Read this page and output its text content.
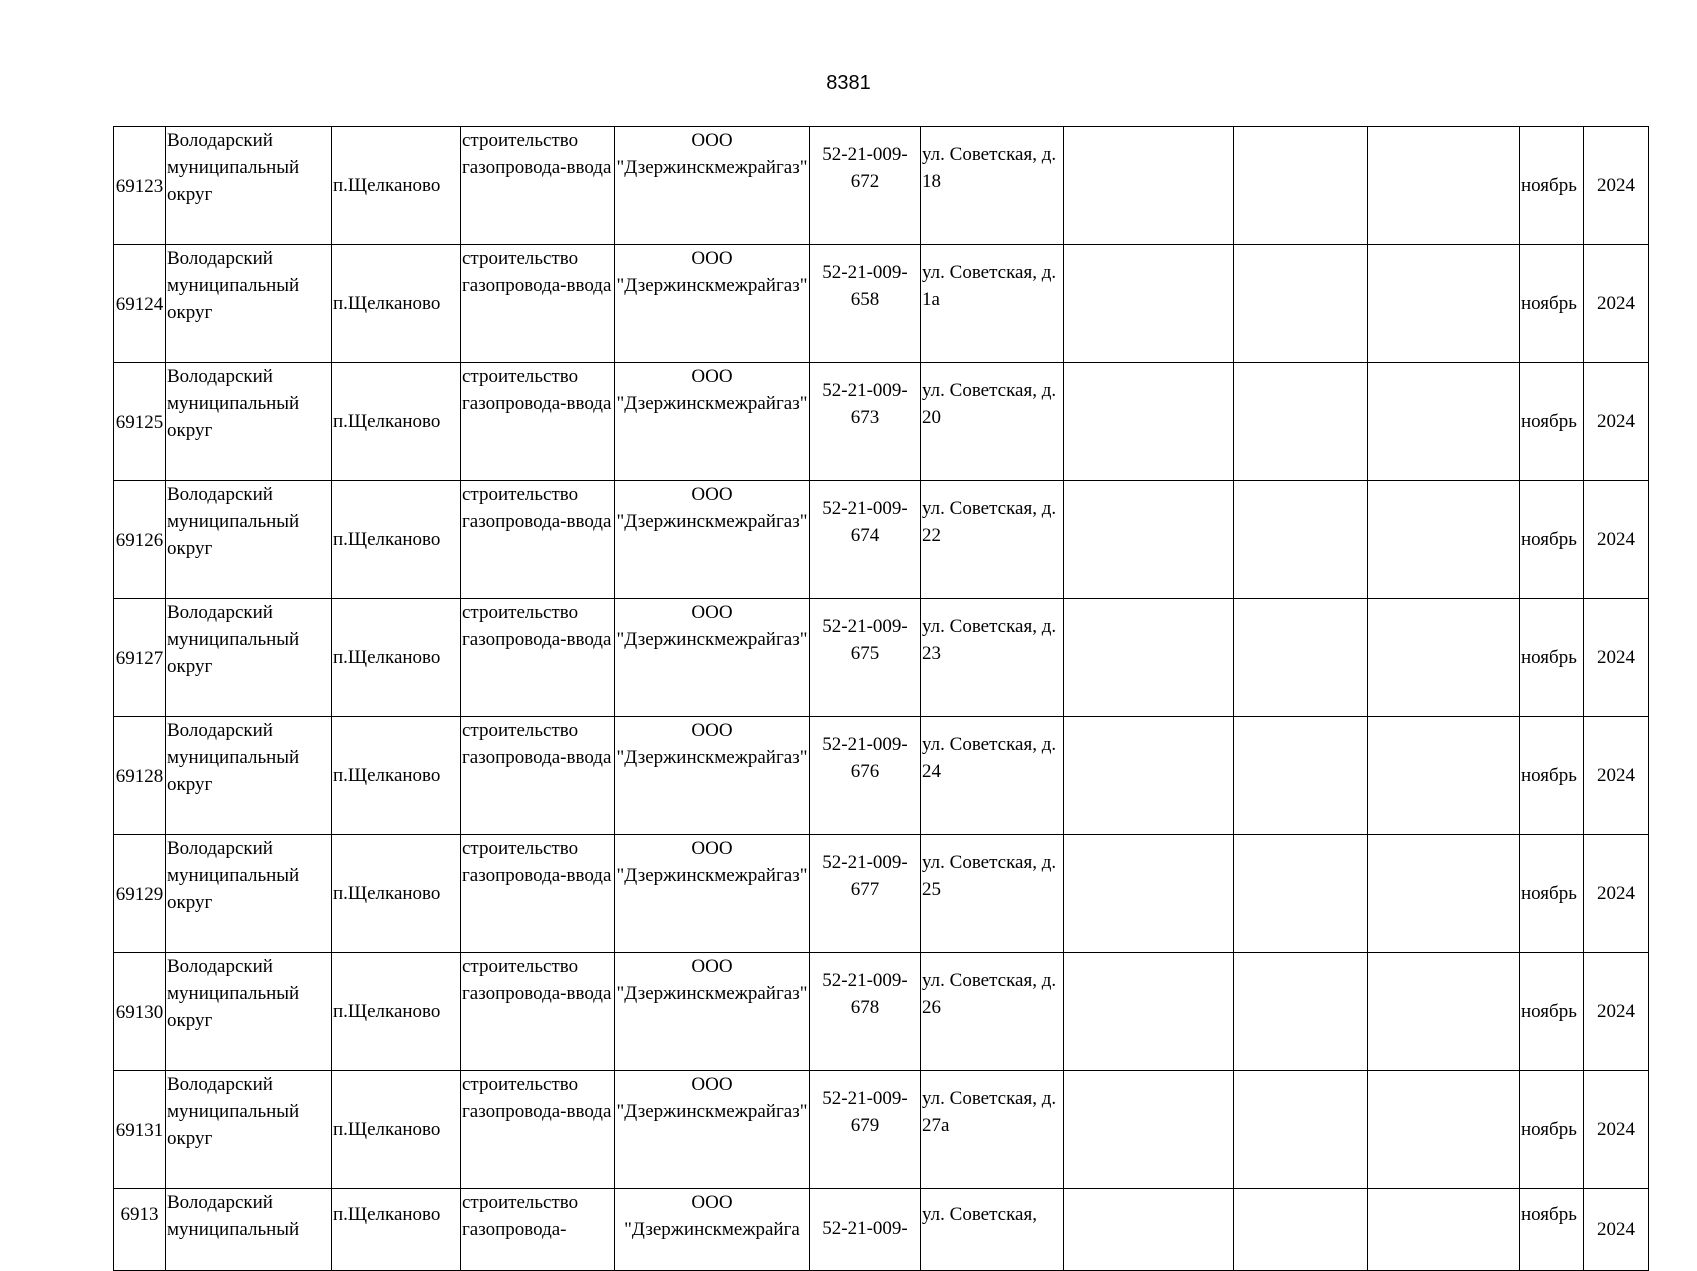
8381
69123	Володарский муниципальный округ	п.Щелканово	строительство газопровода-ввода	ООО "Дзержинскмежрайгаз"	52-21-009-672	ул. Советская, д. 18				ноябрь	2024
69124	Володарский муниципальный округ	п.Щелканово	строительство газопровода-ввода	ООО "Дзержинскмежрайгаз"	52-21-009-658	ул. Советская, д. 1а				ноябрь	2024
69125	Володарский муниципальный округ	п.Щелканово	строительство газопровода-ввода	ООО "Дзержинскмежрайгаз"	52-21-009-673	ул. Советская, д. 20				ноябрь	2024
69126	Володарский муниципальный округ	п.Щелканово	строительство газопровода-ввода	ООО "Дзержинскмежрайгаз"	52-21-009-674	ул. Советская, д. 22				ноябрь	2024
69127	Володарский муниципальный округ	п.Щелканово	строительство газопровода-ввода	ООО "Дзержинскмежрайгаз"	52-21-009-675	ул. Советская, д. 23				ноябрь	2024
69128	Володарский муниципальный округ	п.Щелканово	строительство газопровода-ввода	ООО "Дзержинскмежрайгаз"	52-21-009-676	ул. Советская, д. 24				ноябрь	2024
69129	Володарский муниципальный округ	п.Щелканово	строительство газопровода-ввода	ООО "Дзержинскмежрайгаз"	52-21-009-677	ул. Советская, д. 25				ноябрь	2024
69130	Володарский муниципальный округ	п.Щелканово	строительство газопровода-ввода	ООО "Дзержинскмежрайгаз"	52-21-009-678	ул. Советская, д. 26				ноябрь	2024
69131	Володарский муниципальный округ	п.Щелканово	строительство газопровода-ввода	ООО "Дзержинскмежрайгаз"	52-21-009-679	ул. Советская, д. 27а				ноябрь	2024
6913	Володарский муниципальный	п.Щелканово	строительство газопровода-	ООО "Дзержинскмежрайга	52-21-009-	ул. Советская,				ноябрь	2024
